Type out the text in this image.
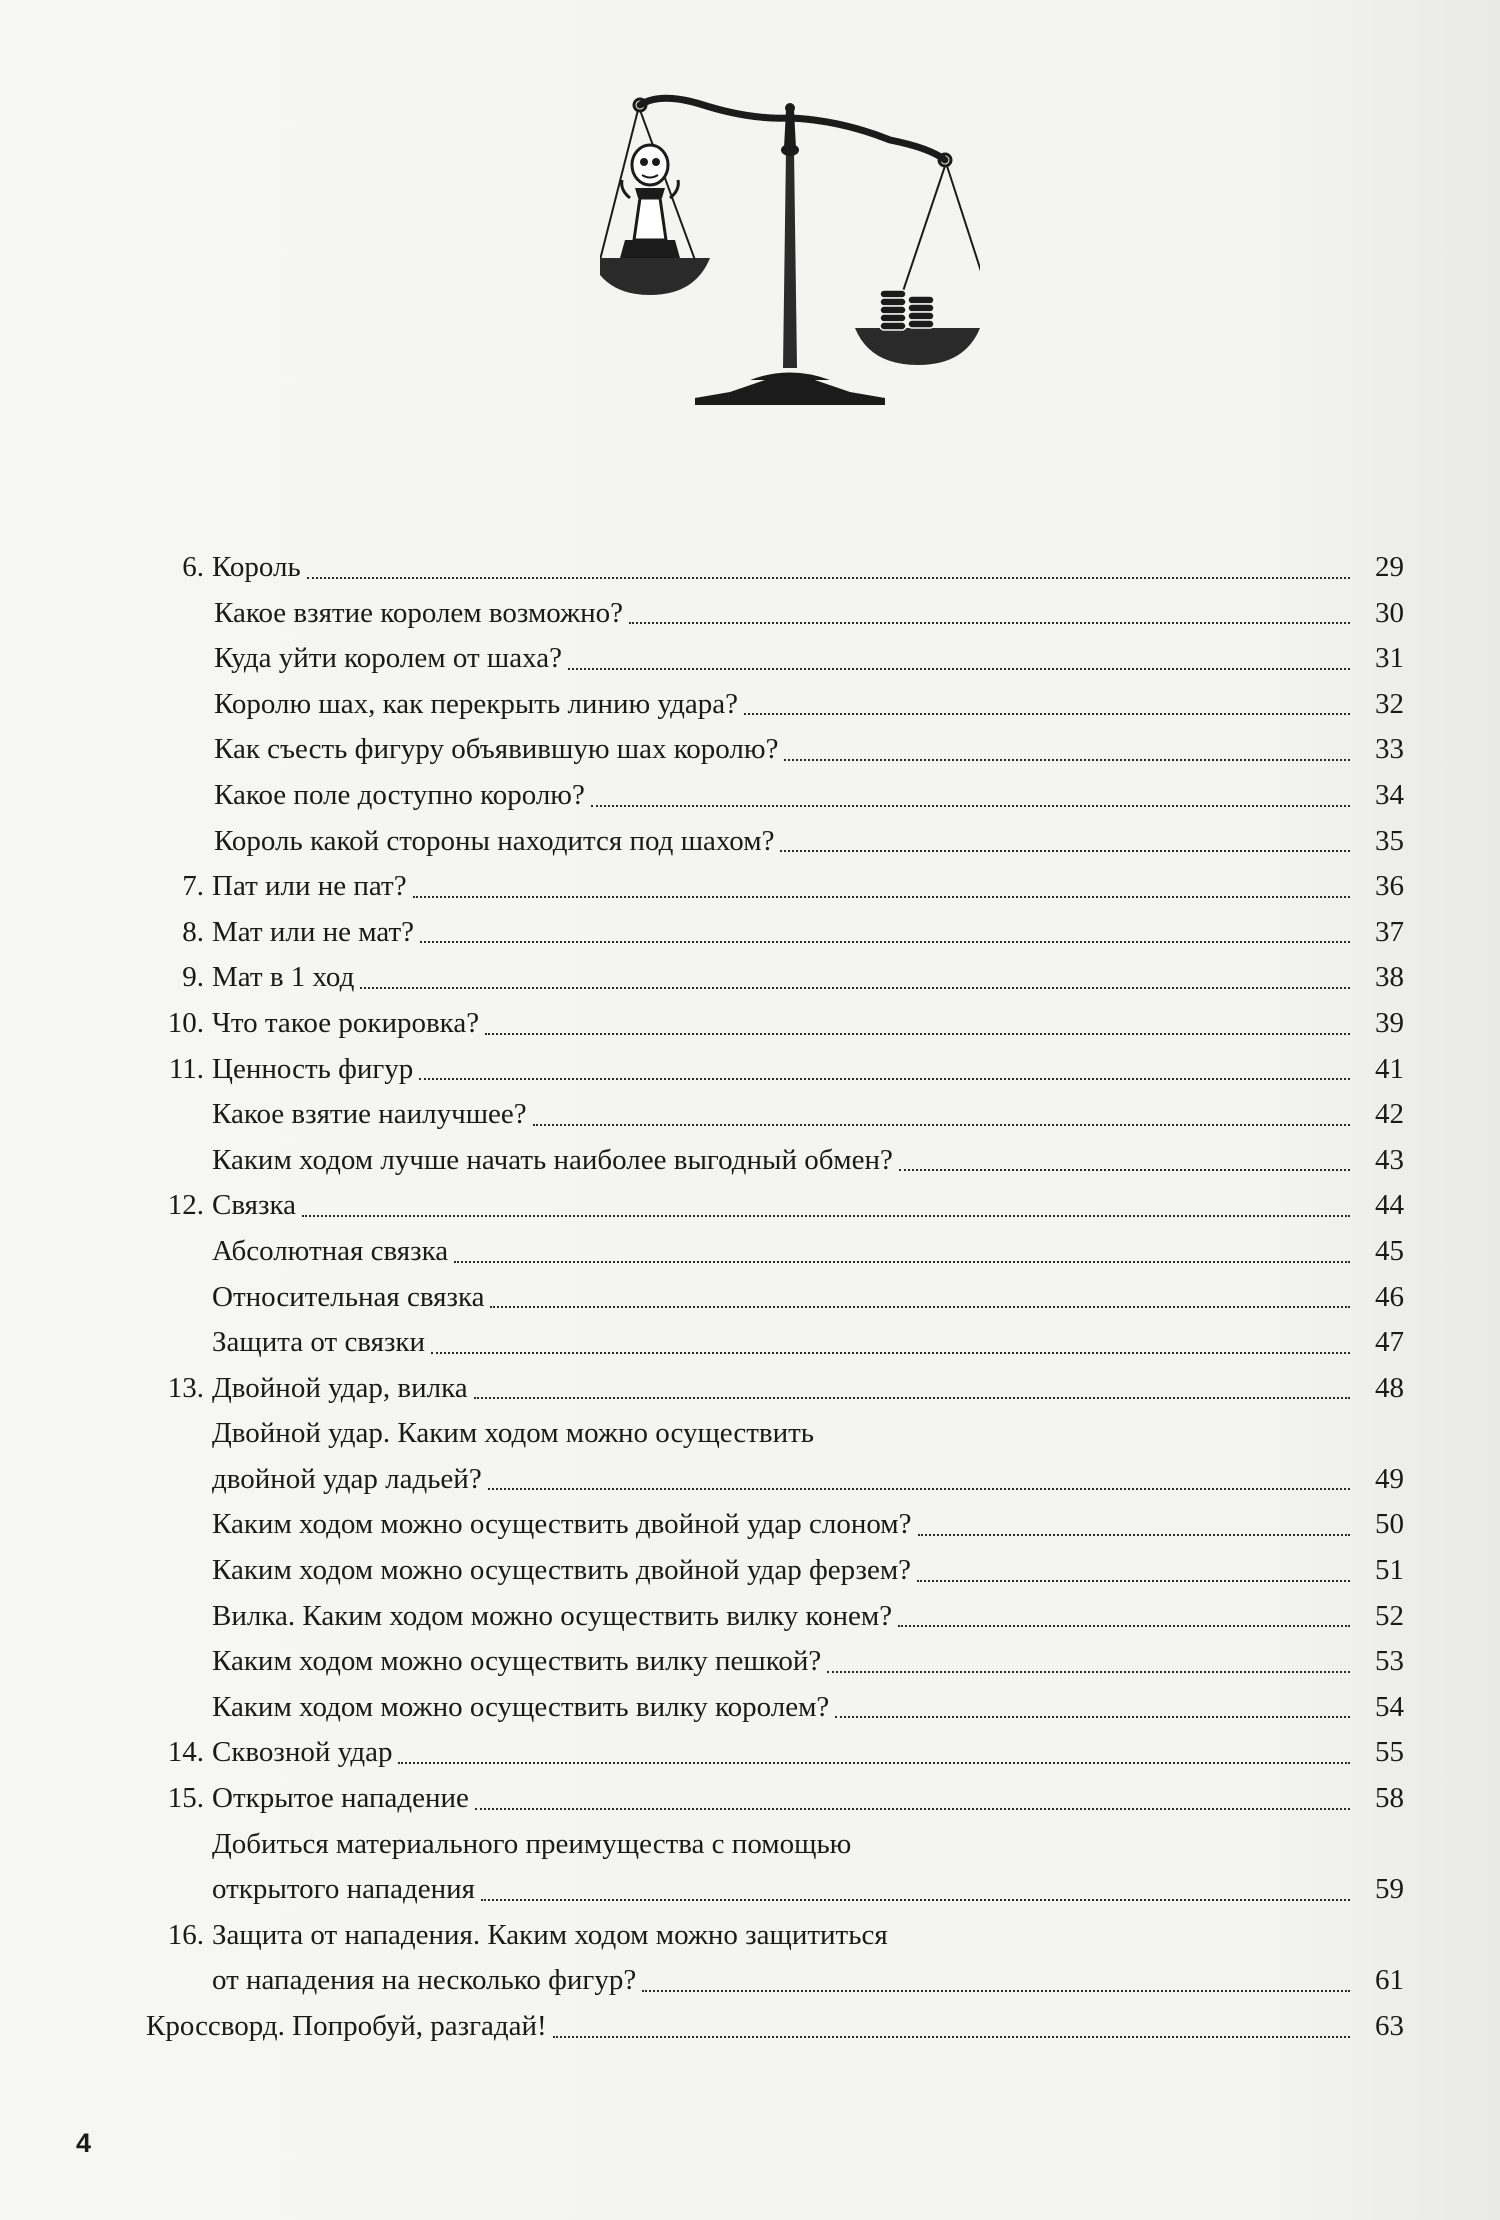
6. Король	29
Какое взятие королем возможно?	30
Куда уйти королем от шаха?	31
Королю шах, как перекрыть линию удара?	32
Как съесть фигуру объявившую шах королю?	33
Какое поле доступно королю?	34
Король какой стороны находится под шахом?	35
7. Пат или не пат?	36
8. Мат или не мат?	37
9. Мат в 1 ход	38
10. Что такое рокировка?	39
11. Ценность фигур	41
Какое взятие наилучшее?	42
Каким ходом лучше начать наиболее выгодный обмен?	43
12. Связка	44
Абсолютная связка	45
Относительная связка	46
Защита от связки	47
13. Двойной удар, вилка	48
Двойной удар. Каким ходом можно осуществить
двойной удар ладьей?	49
Каким ходом можно осуществить двойной удар слоном?	50
Каким ходом можно осуществить двойной удар ферзем?	51
Вилка. Каким ходом можно осуществить вилку конем?	52
Каким ходом можно осуществить вилку пешкой?	53
Каким ходом можно осуществить вилку королем?	54
14. Сквозной удар	55
15. Открытое нападение	58
Добиться материального преимущества с помощью
открытого нападения	59
16. Защита от нападения. Каким ходом можно защититься
от нападения на несколько фигур?	61
Кроссворд. Попробуй, разгадай!	63
4
